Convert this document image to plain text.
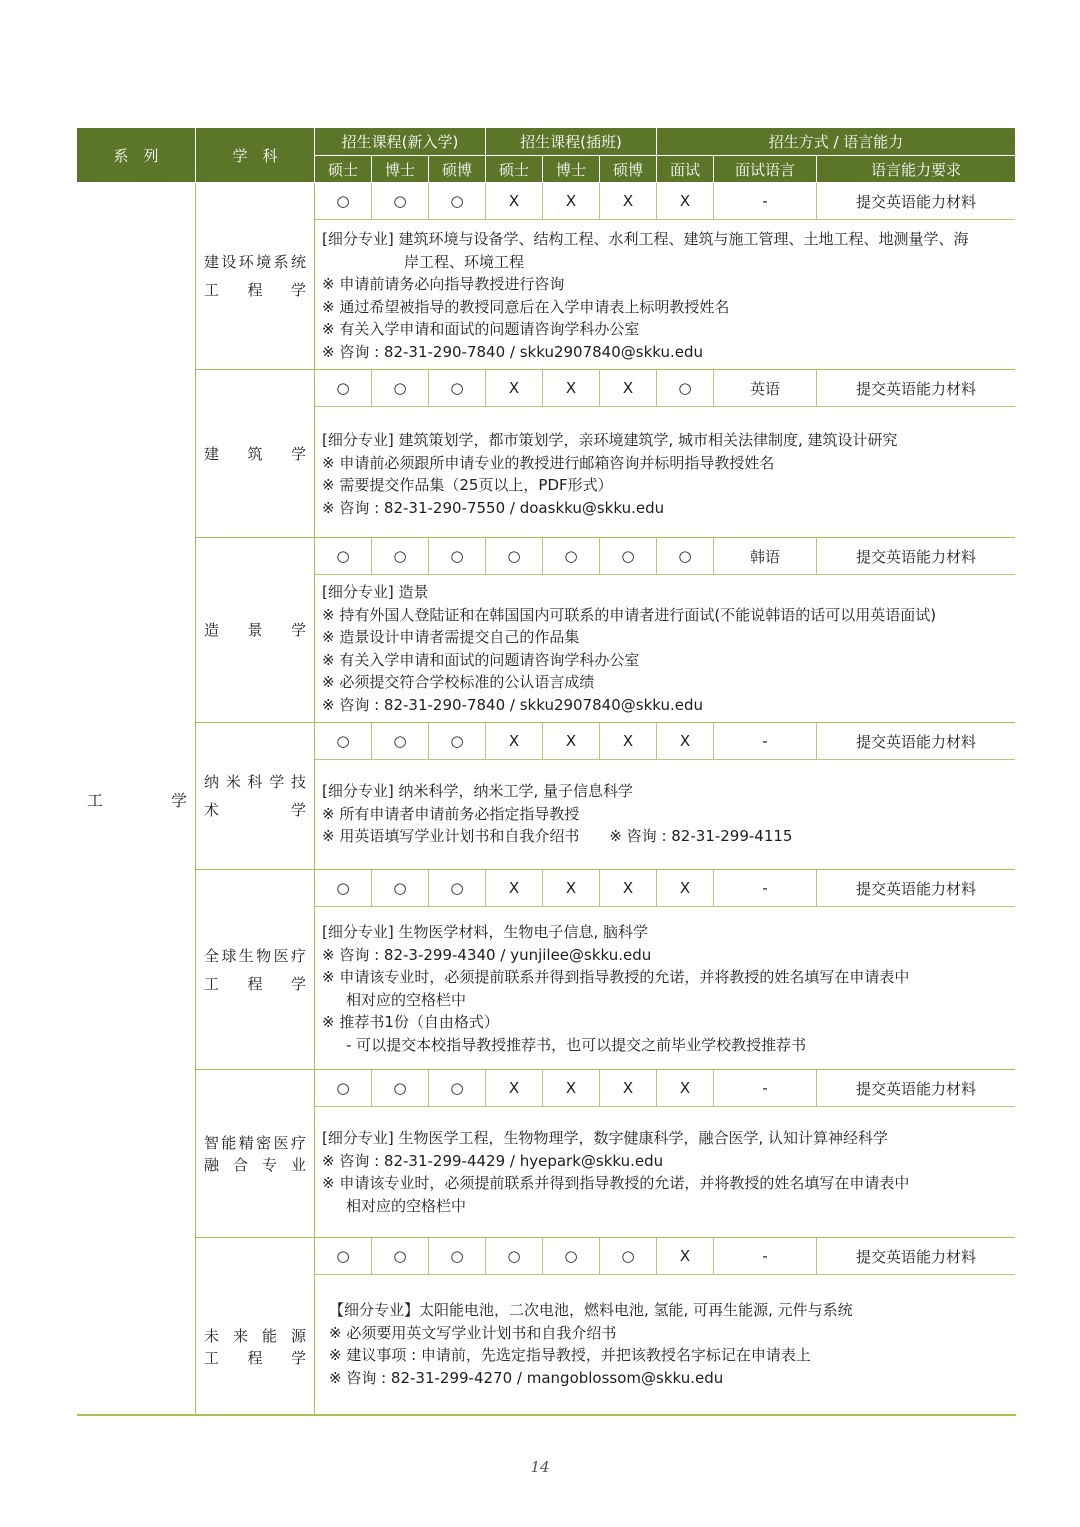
系　列	学　科
招生课程(新入学)	招生课程(插班)	招生方式 / 语言能力
硕士	博士	硕博	硕士	博士	硕博	面试	面试语言	语言能力要求
工	学
建 设 环 境 系 统
工 程 学
○	○	○	X	X	X	X	-	提交英语能力材料
[细分专业] 建筑环境与设备学、结构工程、水利工程、建筑与施工管理、土地工程、地测量学、海
岸工程、环境工程
※ 申请前请务必向指导教授进行咨询
※ 通过希望被指导的教授同意后在入学申请表上标明教授姓名
※ 有关入学申请和面试的问题请咨询学科办公室
※ 咨询 : 82-31-290-7840 / skku2907840@skku.edu
建 筑 学
○	○	○	X	X	X	○	英语	提交英语能力材料
[细分专业] 建筑策划学，都市策划学，亲环境建筑学, 城市相关法律制度, 建筑设计研究
※ 申请前必须跟所申请专业的教授进行邮箱咨询并标明指导教授姓名
※ 需要提交作品集（25页以上，PDF形式）
※ 咨询 : 82-31-290-7550 / doaskku@skku.edu
造 景 学
○	○	○	○	○	○	○	韩语	提交英语能力材料
[细分专业] 造景
※ 持有外国人登陆证和在韩国国内可联系的申请者进行面试(不能说韩语的话可以用英语面试)
※ 造景设计申请者需提交自己的作品集
※ 有关入学申请和面试的问题请咨询学科办公室
※ 必须提交符合学校标准的公认语言成绩
※ 咨询 : 82-31-290-7840 / skku2907840@skku.edu
纳 米 科 学 技
术	学
○	○	○	X	X	X	X	-	提交英语能力材料
[细分专业] 纳米科学，纳米工学, 量子信息科学
※ 所有申请者申请前务必指定指导教授
※ 用英语填写学业计划书和自我介绍书　　※ 咨询 : 82-31-299-4115
全 球 生 物 医 疗
工 程 学
○	○	○	X	X	X	X	-	提交英语能力材料
[细分专业] 生物医学材料，生物电子信息, 脑科学
※ 咨询 : 82-3-299-4340 / yunjilee@skku.edu
※ 申请该专业时，必须提前联系并得到指导教授的允诺，并将教授的姓名填写在申请表中
相对应的空格栏中
※ 推荐书1份（自由格式）
- 可以提交本校指导教授推荐书，也可以提交之前毕业学校教授推荐书
智 能 精 密 医 疗
融 合 专 业
○	○	○	X	X	X	X	-	提交英语能力材料
[细分专业] 生物医学工程，生物物理学，数字健康科学，融合医学, 认知计算神经科学
※ 咨询 : 82-31-299-4429 / hyepark@skku.edu
※ 申请该专业时，必须提前联系并得到指导教授的允诺，并将教授的姓名填写在申请表中
相对应的空格栏中
未 来 能 源
工 程 学
○	○	○	○	○	○	X	-	提交英语能力材料
【细分专业】太阳能电池，二次电池，燃料电池, 氢能, 可再生能源, 元件与系统
※ 必须要用英文写学业计划书和自我介绍书
※ 建议事项 : 申请前，先选定指导教授，并把该教授名字标记在申请表上
※ 咨询 : 82-31-299-4270 / mangoblossom@skku.edu
14
